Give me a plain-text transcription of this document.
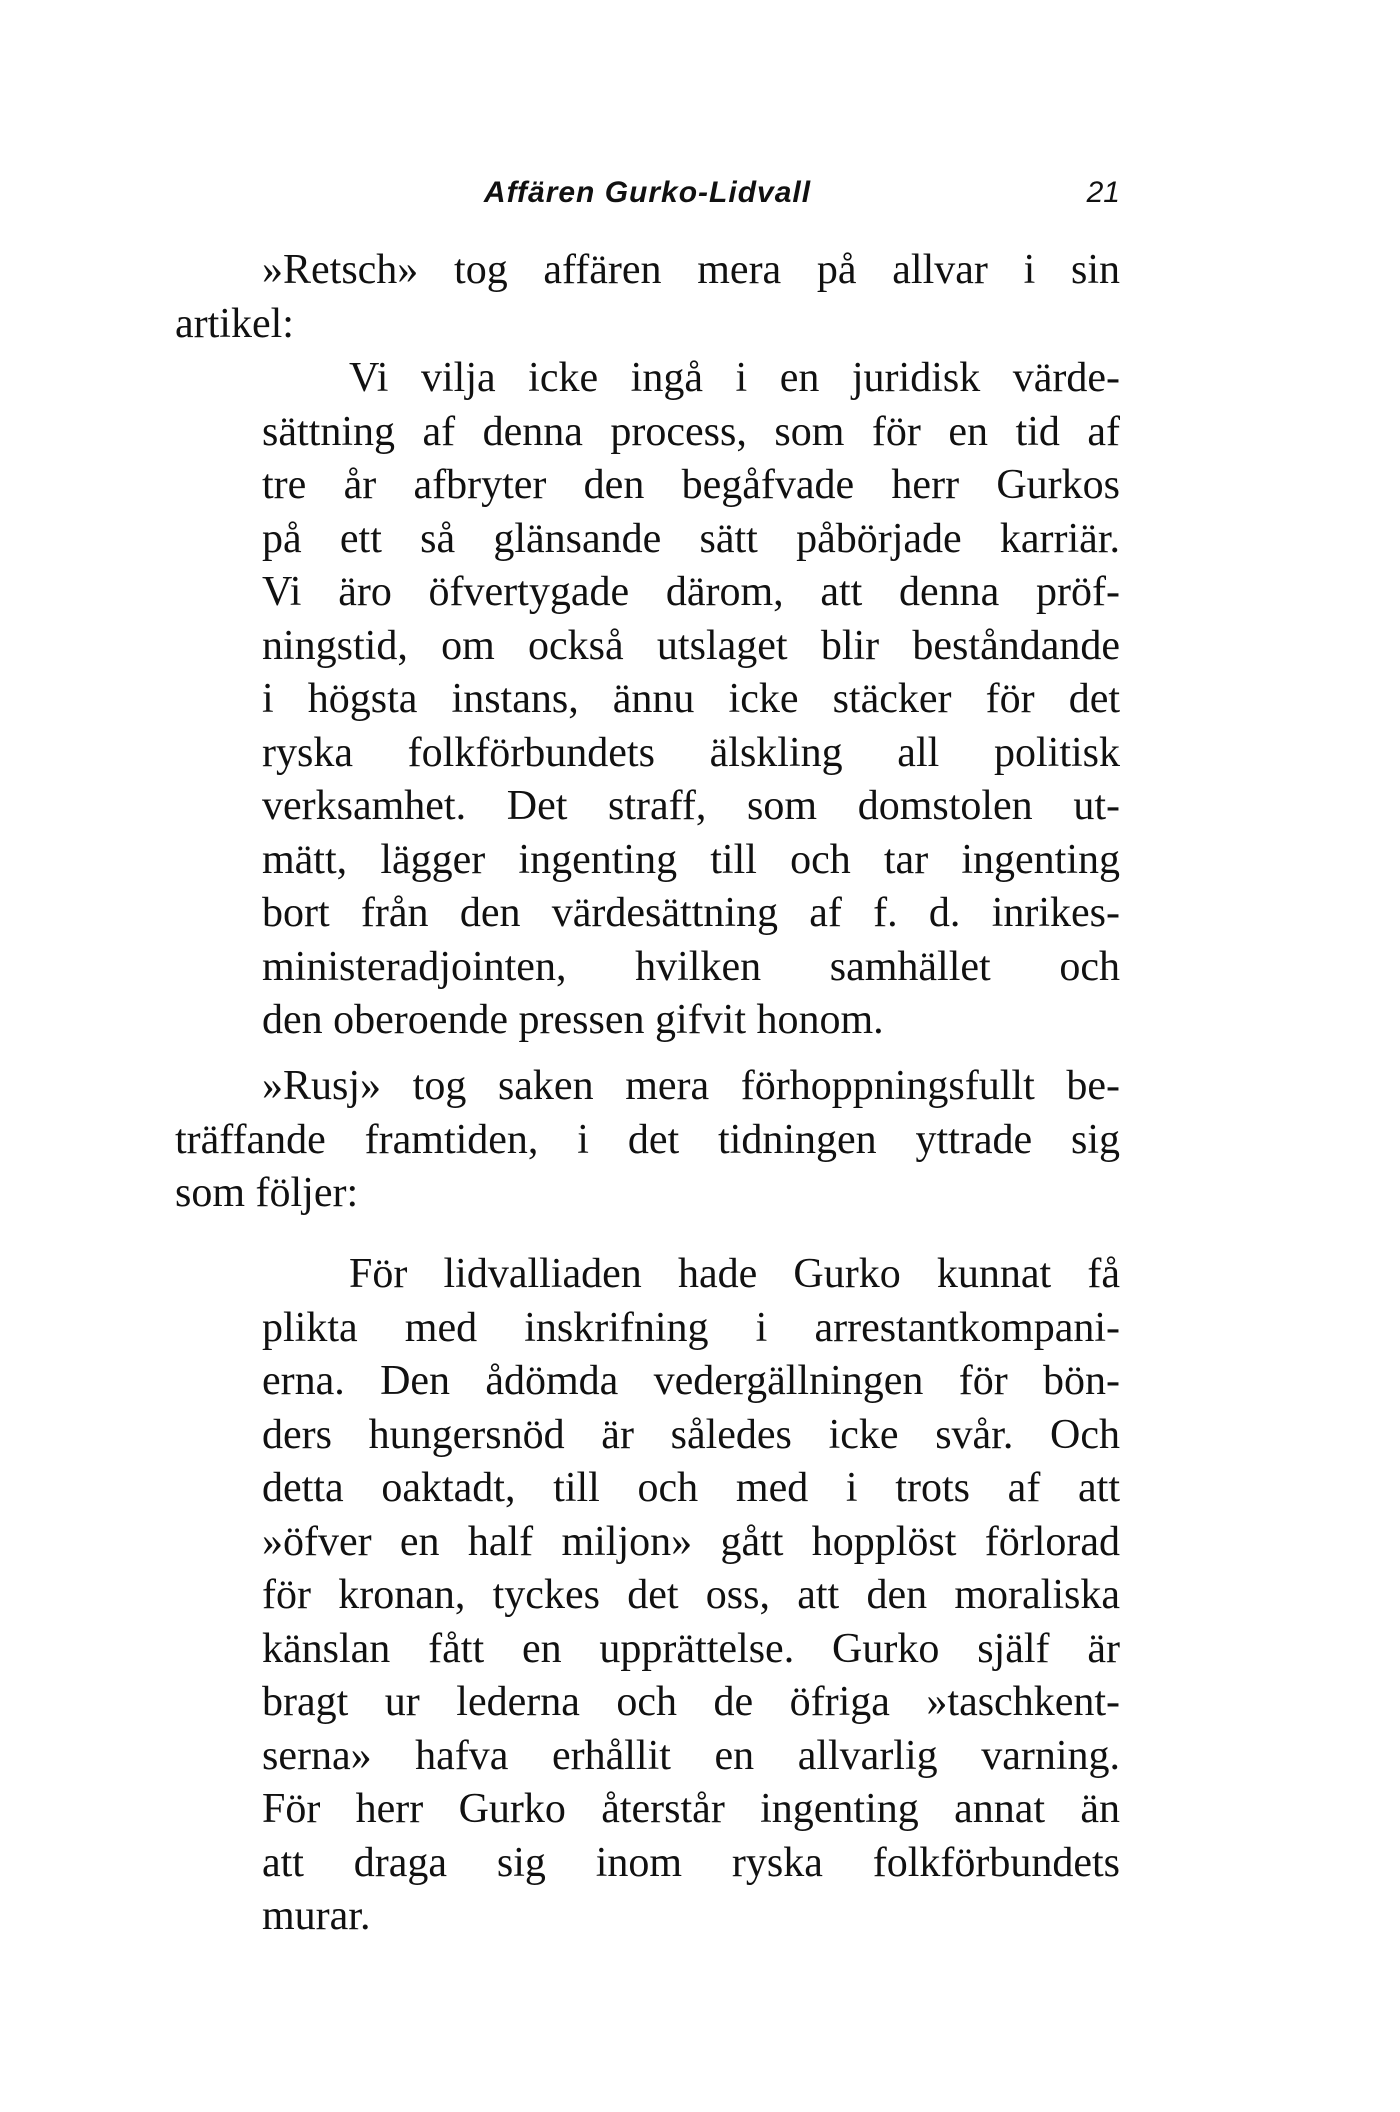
Affären Gurko-Lidvall	21
»Retsch» tog affären mera på allvar i sin
artikel:
Vi vilja icke ingå i en juridisk värde-
sättning af denna process, som för en tid af
tre år afbryter den begåfvade herr Gurkos
på ett så glänsande sätt påbörjade karriär.
Vi äro öfvertygade därom, att denna pröf-
ningstid, om också utslaget blir beståndande
i högsta instans, ännu icke stäcker för det
ryska folkförbundets älskling all politisk
verksamhet. Det straff, som domstolen ut-
mätt, lägger ingenting till och tar ingenting
bort från den värdesättning af f. d. inrikes-
ministeradjointen, hvilken samhället och
den oberoende pressen gifvit honom.
»Rusj» tog saken mera förhoppningsfullt be-
träffande framtiden, i det tidningen yttrade sig
som följer:
För lidvalliaden hade Gurko kunnat få
plikta med inskrifning i arrestantkompani-
erna. Den ådömda vedergällningen för bön-
ders hungersnöd är således icke svår. Och
detta oaktadt, till och med i trots af att
»öfver en half miljon» gått hopplöst förlorad
för kronan, tyckes det oss, att den moraliska
känslan fått en upprättelse. Gurko själf är
bragt ur lederna och de öfriga »taschkent-
serna» hafva erhållit en allvarlig varning.
För herr Gurko återstår ingenting annat än
att draga sig inom ryska folkförbundets
murar.
